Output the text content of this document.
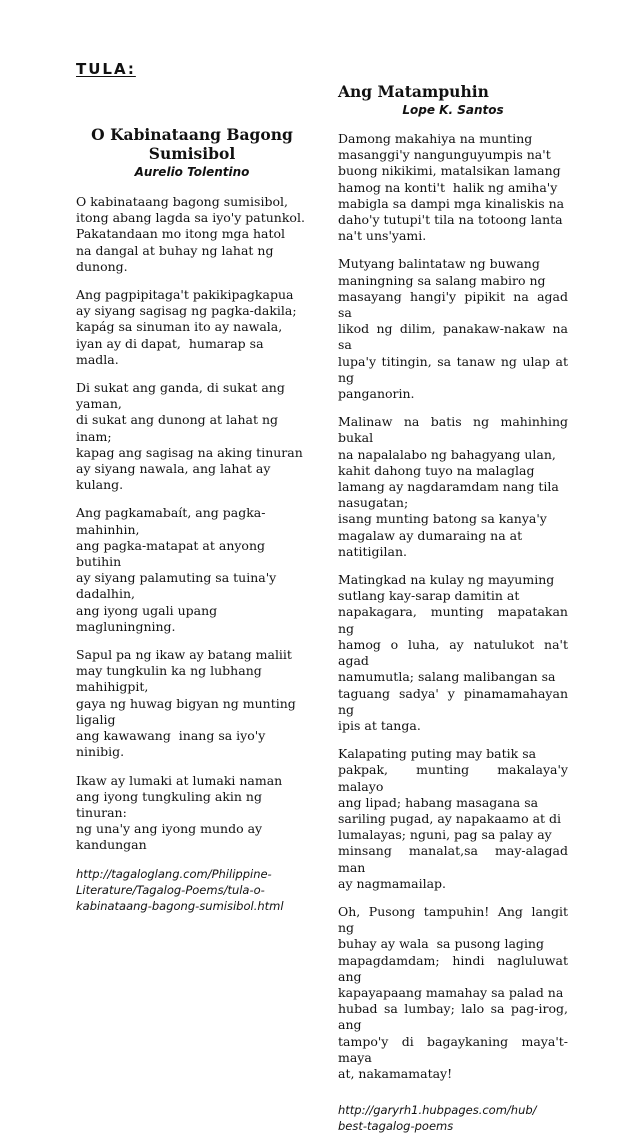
TULA:
O Kabinataang Bagong
Sumisibol
Aurelio Tolentino
O kabinataang bagong sumisibol,
itong abang lagda sa iyo'y patunkol.
Pakatandaan mo itong mga hatol
na dangal at buhay ng lahat ng
dunong.
Ang pagpipitaga't pakikipagkapua
ay siyang sagisag ng pagka-dakila;
kapág sa sinuman ito ay nawala,
iyan ay di dapat,  humarap sa madla.
Di sukat ang ganda, di sukat ang
yaman,
di sukat ang dunong at lahat ng inam;
kapag ang sagisag na aking tinuran
ay siyang nawala, ang lahat ay
kulang.
Ang pagkamabaít, ang pagka-
mahinhin,
ang pagka-matapat at anyong butihin
ay siyang palamuting sa tuina'y
dadalhin,
ang iyong ugali upang magluningning.
Sapul pa ng ikaw ay batang maliit
may tungkulin ka ng lubhang
mahihigpit,
gaya ng huwag bigyan ng munting
ligalig
ang kawawang  inang sa iyo'y ninibig.
Ikaw ay lumaki at lumaki naman
ang iyong tungkuling akin ng tinuran:
ng una'y ang iyong mundo ay
kandungan
http://tagaloglang.com/Philippine-
Literature/Tagalog-Poems/tula-o-
kabinataang-bagong-sumisibol.html
Ang Matampuhin
Lope K. Santos
Damong makahiya na munting
masanggi'y nangunguyumpis na't
buong nikikimi, matalsikan lamang
hamog na konti't  halik ng amiha'y
mabigla sa dampi mga kinaliskis na
daho'y tutupi't tila na totoong lanta
na't uns'yami.
Mutyang balintataw ng buwang
maningning sa salang mabiro ng
masayang hangi'y pipikit na agad sa
likod ng dilim, panakaw-nakaw na sa
lupa'y titingin, sa tanaw ng ulap at ng
panganorin.
Malinaw na batis ng mahinhing bukal
na napalalabo ng bahagyang ulan,
kahit dahong tuyo na malaglag
lamang ay nagdaramdam nang tila
nasugatan;
isang munting batong sa kanya'y
magalaw ay dumaraing na at
natitigilan.
Matingkad na kulay ng mayuming
sutlang kay-sarap damitin at
napakagara, munting mapatakan ng
hamog o luha, ay natulukot na't agad
namumutla; salang malibangan sa
taguang sadya' y pinamamahayan ng
ipis at tanga.
Kalapating puting may batik sa
pakpak, munting makalaya'y malayo
ang lipad; habang masagana sa
sariling pugad, ay napakaamo at di
lumalayas; nguni, pag sa palay ay
minsang manalat,sa may-alagad man
ay nagmamailap.
Oh, Pusong tampuhin! Ang langit ng
buhay ay wala  sa pusong laging
mapagdamdam; hindi nagluluwat ang
kapayapaang mamahay sa palad na
hubad sa lumbay; lalo sa pag-irog, ang
tampo'y di bagaykaning maya't-maya
at, nakamamatay!
http://garyrh1.hubpages.com/hub/
best-tagalog-poems
